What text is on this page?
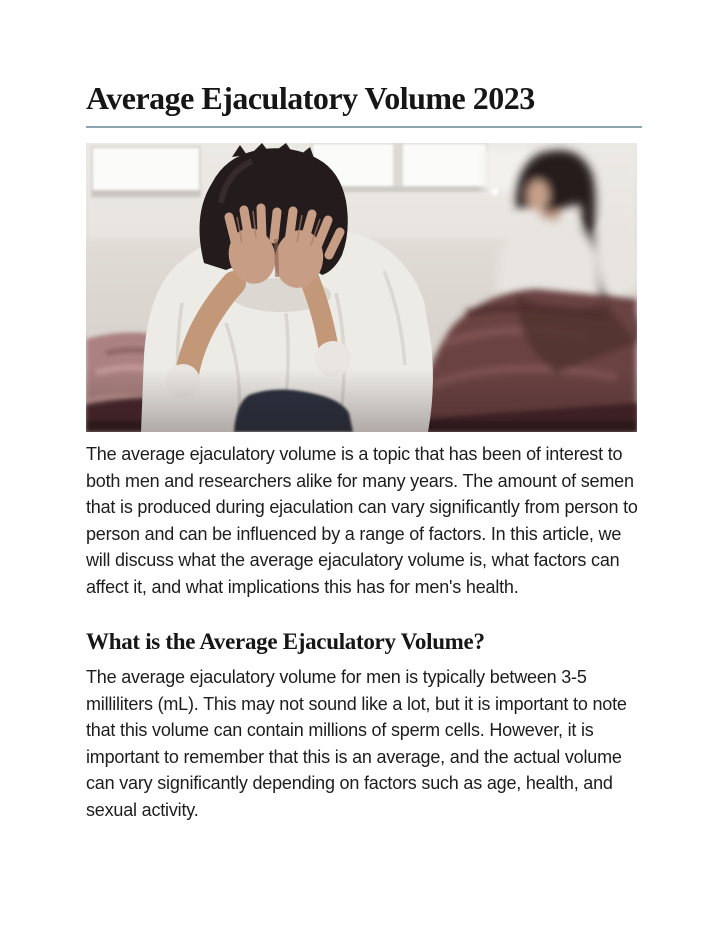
Average Ejaculatory Volume 2023

The average ejaculatory volume is a topic that has been of interest to both men and researchers alike for many years. The amount of semen that is produced during ejaculation can vary significantly from person to person and can be influenced by a range of factors. In this article, we will discuss what the average ejaculatory volume is, what factors can affect it, and what implications this has for men's health.

What is the Average Ejaculatory Volume?

The average ejaculatory volume for men is typically between 3-5 milliliters (mL). This may not sound like a lot, but it is important to note that this volume can contain millions of sperm cells. However, it is important to remember that this is an average, and the actual volume can vary significantly depending on factors such as age, health, and sexual activity.
